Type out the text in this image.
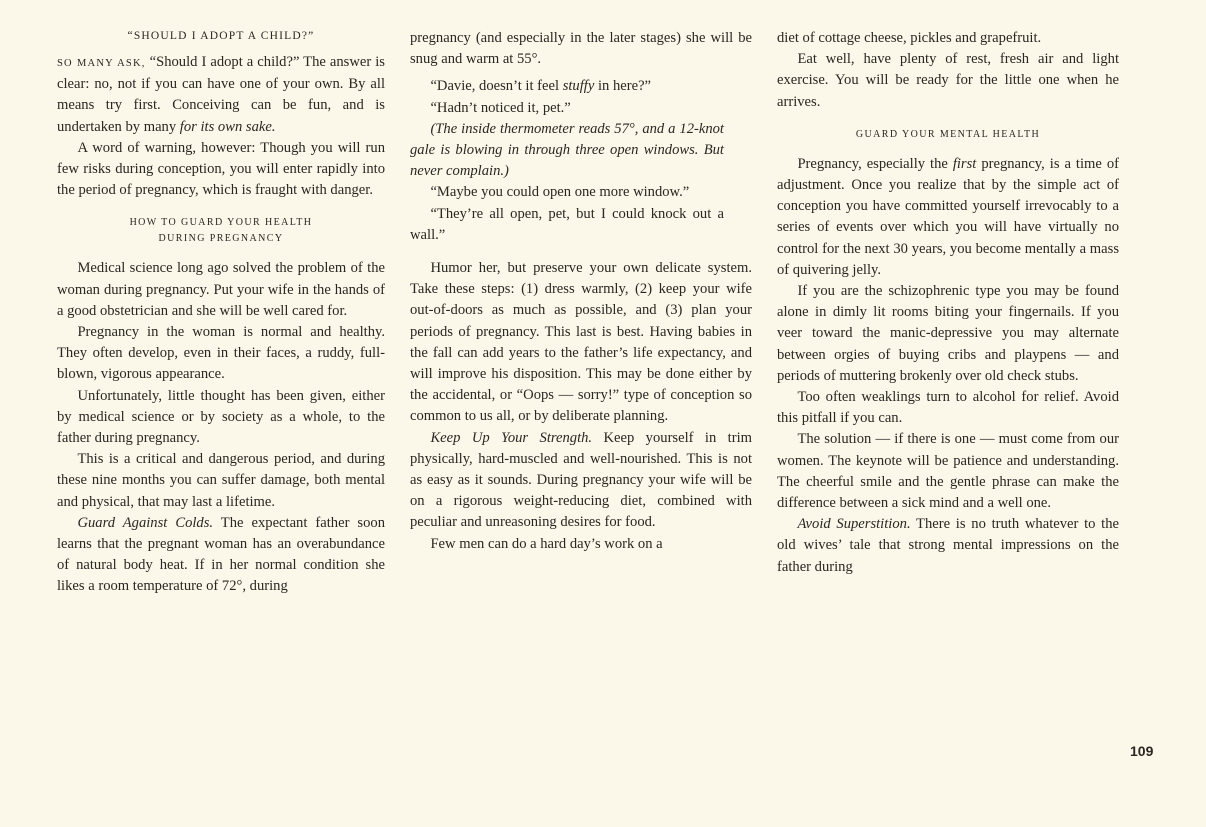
“SHOULD I ADOPT A CHILD?”

SO MANY ASK, “Should I adopt a child?” The answer is clear: no, not if you can have one of your own. By all means try first. Conceiving can be fun, and is undertaken by many for its own sake.

A word of warning, however: Though you will run few risks during conception, you will enter rapidly into the period of pregnancy, which is fraught with danger.

HOW TO GUARD YOUR HEALTH
DURING PREGNANCY

Medical science long ago solved the problem of the woman during pregnancy. Put your wife in the hands of a good obstetrician and she will be well cared for.

Pregnancy in the woman is normal and healthy. They often develop, even in their faces, a ruddy, full-blown, vigorous appearance.

Unfortunately, little thought has been given, either by medical science or by society as a whole, to the father during pregnancy.

This is a critical and dangerous period, and during these nine months you can suffer damage, both mental and physical, that may last a lifetime.

Guard Against Colds. The expectant father soon learns that the pregnant woman has an overabundance of natural body heat. If in her normal condition she likes a room temperature of 72°, during

pregnancy (and especially in the later stages) she will be snug and warm at 55°.

“Davie, doesn’t it feel stuffy in here?”

“Hadn’t noticed it, pet.”

(The inside thermometer reads 57°, and a 12-knot gale is blowing in through three open windows. But never complain.)

“Maybe you could open one more window.”

“They’re all open, pet, but I could knock out a wall.”

Humor her, but preserve your own delicate system. Take these steps: (1) dress warmly, (2) keep your wife out-of-doors as much as possible, and (3) plan your periods of pregnancy. This last is best. Having babies in the fall can add years to the father’s life expectancy, and will improve his disposition. This may be done either by the accidental, or “Oops — sorry!” type of conception so common to us all, or by deliberate planning.

Keep Up Your Strength. Keep yourself in trim physically, hard-muscled and well-nourished. This is not as easy as it sounds. During pregnancy your wife will be on a rigorous weight-reducing diet, combined with peculiar and unreasoning desires for food.

Few men can do a hard day’s work on a

diet of cottage cheese, pickles and grapefruit.

Eat well, have plenty of rest, fresh air and light exercise. You will be ready for the little one when he arrives.

GUARD YOUR MENTAL HEALTH

Pregnancy, especially the first pregnancy, is a time of adjustment. Once you realize that by the simple act of conception you have committed yourself irrevocably to a series of events over which you will have virtually no control for the next 30 years, you become mentally a mass of quivering jelly.

If you are the schizophrenic type you may be found alone in dimly lit rooms biting your fingernails. If you veer toward the manic-depressive you may alternate between orgies of buying cribs and playpens — and periods of muttering brokenly over old check stubs.

Too often weaklings turn to alcohol for relief. Avoid this pitfall if you can.

The solution — if there is one — must come from our women. The keynote will be patience and understanding. The cheerful smile and the gentle phrase can make the difference between a sick mind and a well one.

Avoid Superstition. There is no truth whatever to the old wives’ tale that strong mental impressions on the father during

109
